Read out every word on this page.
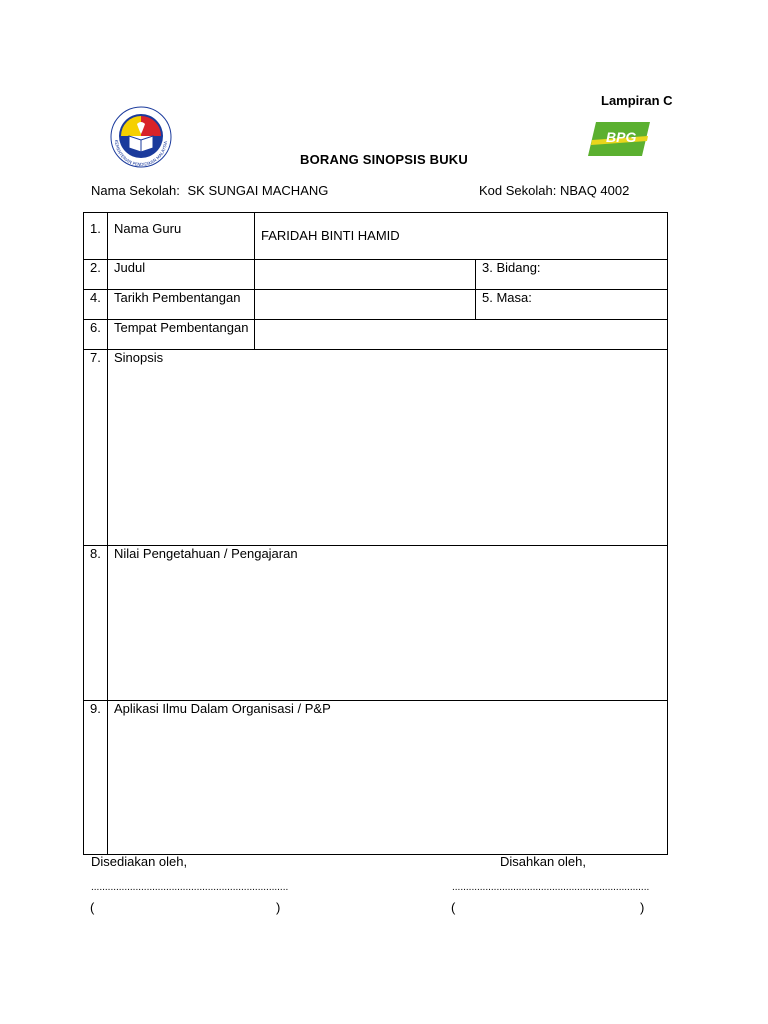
Lampiran C
KEMENTERIAN PENDIDIKAN MALAYSIA	BPG
BORANG SINOPSIS BUKU
Nama Sekolah: SK SUNGAI MACHANG	Kod Sekolah: NBAQ 4002
1.	Nama Guru	FARIDAH BINTI HAMID	
2.	Judul		3. Bidang:
4.	Tarikh Pembentangan		5. Masa:
6.	Tempat Pembentangan		
7.	Sinopsis		
8.	Nilai Pengetahuan / Pengajaran		
9.	Aplikasi Ilmu Dalam Organisasi / P&P		
Disediakan oleh,	Disahkan oleh,
.......................................................................	.......................................................................
(	)	(	)
